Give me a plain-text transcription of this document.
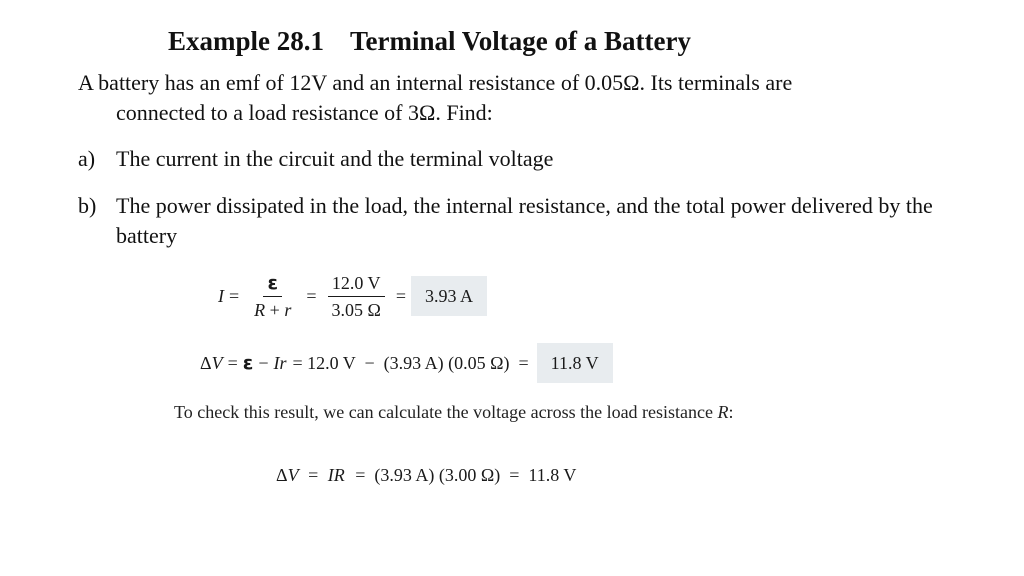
Example 28.1 Terminal Voltage of a Battery
A battery has an emf of 12V and an internal resistance of 0.05Ω. Its terminals are
connected to a load resistance of 3Ω. Find:
a) The current in the circuit and the terminal voltage
b) The power dissipated in the load, the internal resistance, and the total power delivered by the battery
$I = \frac{\varepsilon}{R + r} = \frac{12.0 V}{3.05 \Omega}$ =	3.93 A
Δ V = ε − Ir = 12.0 V  −  (3.93 A) (0.05 Ω)  =	11.8 V
To check this result, we can calculate the voltage across the load resistance R:
ΔV = IR =  (3.93 A) (3.00 Ω)  =  11.8 V
